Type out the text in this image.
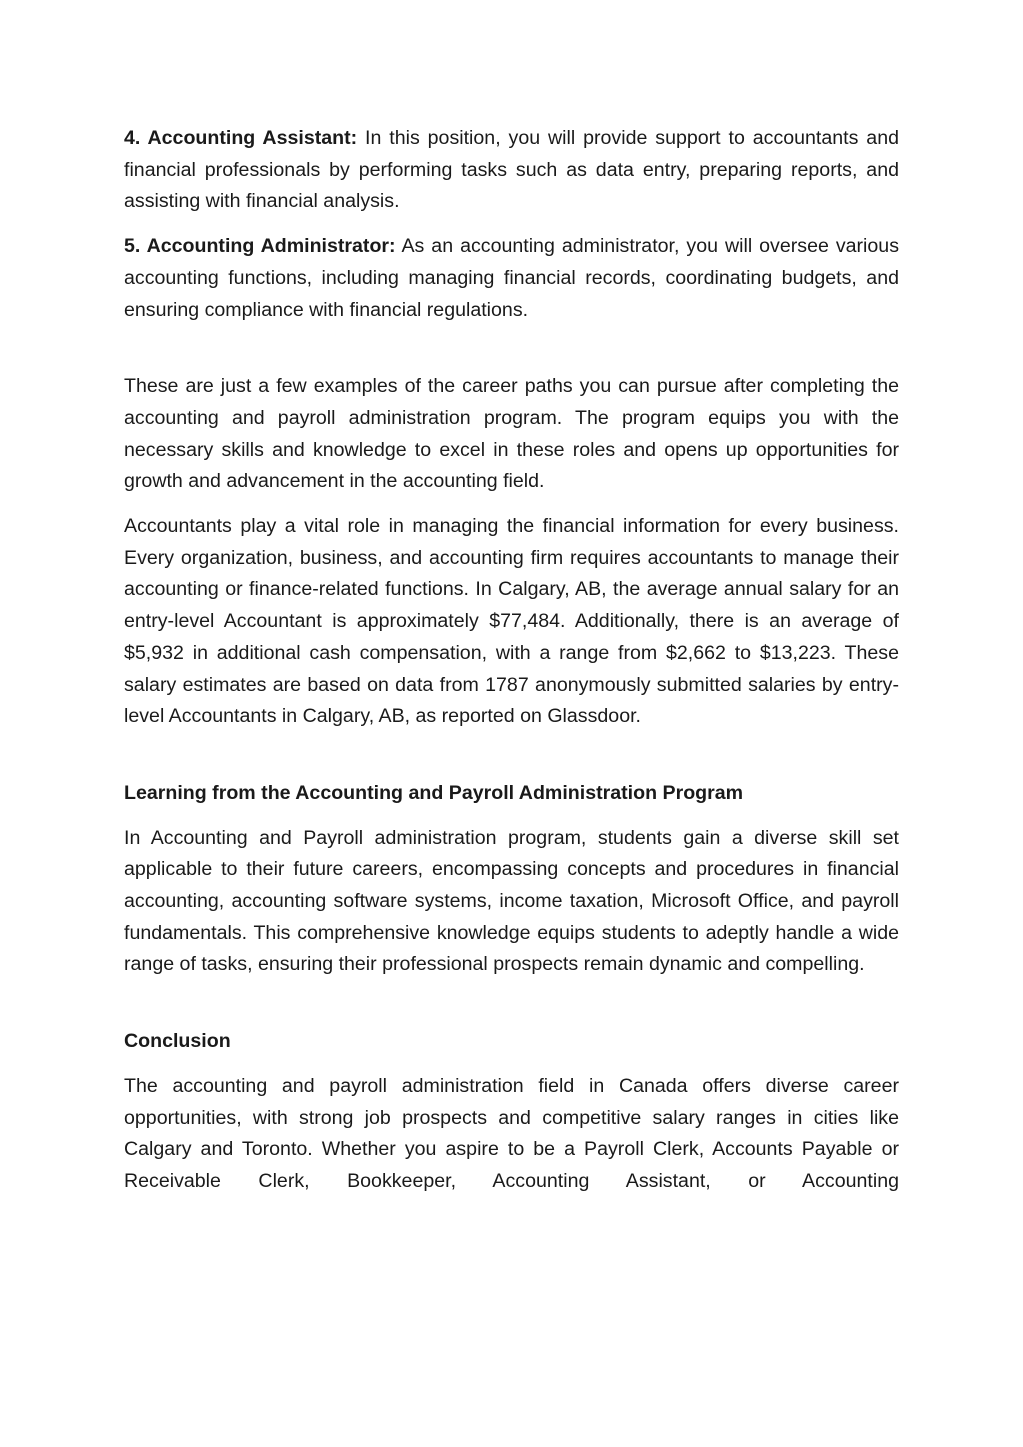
4. Accounting Assistant: In this position, you will provide support to accountants and financial professionals by performing tasks such as data entry, preparing reports, and assisting with financial analysis.

5. Accounting Administrator: As an accounting administrator, you will oversee various accounting functions, including managing financial records, coordinating budgets, and ensuring compliance with financial regulations.

These are just a few examples of the career paths you can pursue after completing the accounting and payroll administration program. The program equips you with the necessary skills and knowledge to excel in these roles and opens up opportunities for growth and advancement in the accounting field.

Accountants play a vital role in managing the financial information for every business. Every organization, business, and accounting firm requires accountants to manage their accounting or finance-related functions. In Calgary, AB, the average annual salary for an entry-level Accountant is approximately $77,484. Additionally, there is an average of $5,932 in additional cash compensation, with a range from $2,662 to $13,223. These salary estimates are based on data from 1787 anonymously submitted salaries by entry-level Accountants in Calgary, AB, as reported on Glassdoor.

Learning from the Accounting and Payroll Administration Program

In Accounting and Payroll administration program, students gain a diverse skill set applicable to their future careers, encompassing concepts and procedures in financial accounting, accounting software systems, income taxation, Microsoft Office, and payroll fundamentals. This comprehensive knowledge equips students to adeptly handle a wide range of tasks, ensuring their professional prospects remain dynamic and compelling.

Conclusion

The accounting and payroll administration field in Canada offers diverse career opportunities, with strong job prospects and competitive salary ranges in cities like Calgary and Toronto. Whether you aspire to be a Payroll Clerk, Accounts Payable or Receivable Clerk, Bookkeeper, Accounting Assistant, or Accounting
